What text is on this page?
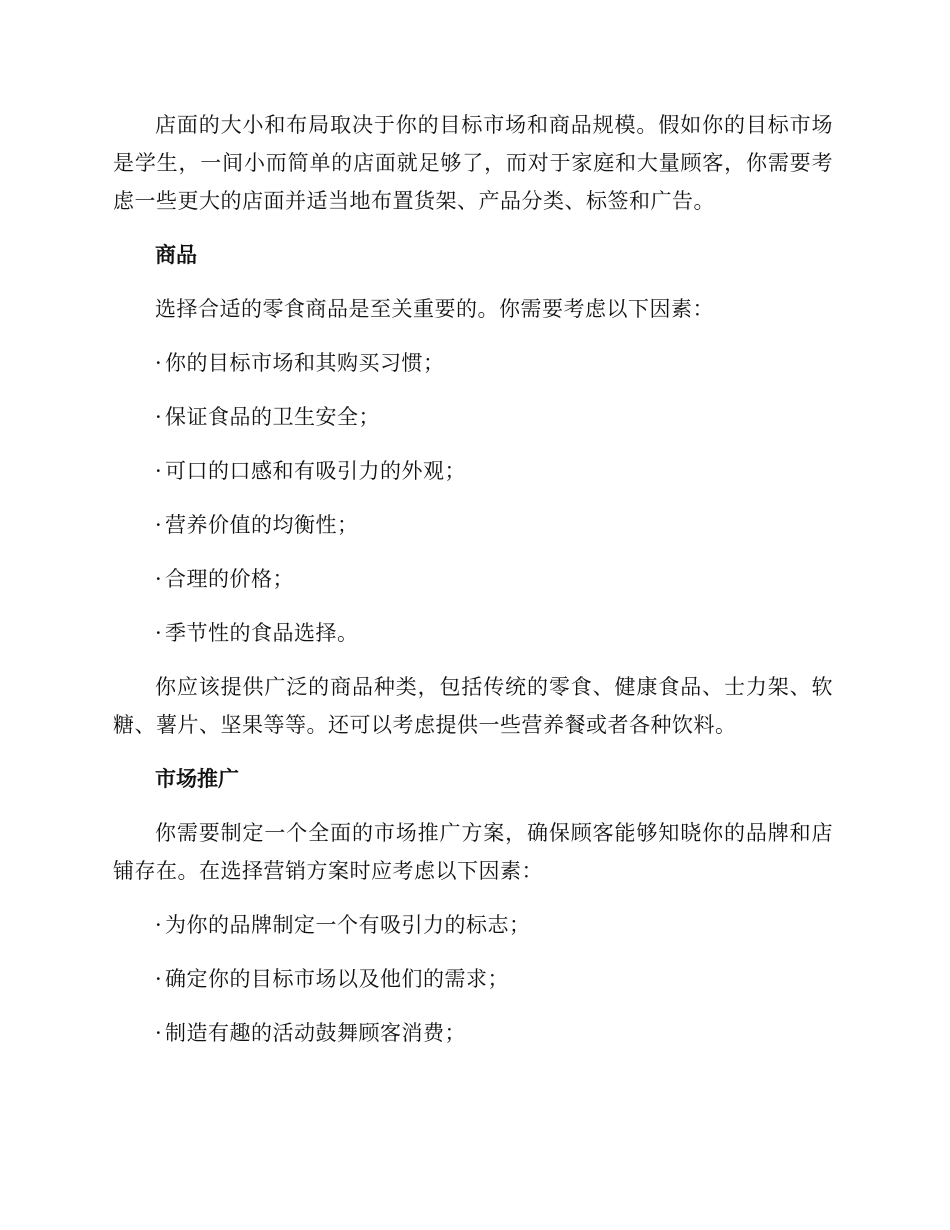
店面的大小和布局取决于你的目标市场和商品规模。假如你的目标市场是学生，一间小而简单的店面就足够了，而对于家庭和大量顾客，你需要考虑一些更大的店面并适当地布置货架、产品分类、标签和广告。

商品

选择合适的零食商品是至关重要的。你需要考虑以下因素：

· 你的目标市场和其购买习惯；

· 保证食品的卫生安全；

· 可口的口感和有吸引力的外观；

· 营养价值的均衡性；

· 合理的价格；

· 季节性的食品选择。

你应该提供广泛的商品种类，包括传统的零食、健康食品、士力架、软糖、薯片、坚果等等。还可以考虑提供一些营养餐或者各种饮料。

市场推广

你需要制定一个全面的市场推广方案，确保顾客能够知晓你的品牌和店铺存在。在选择营销方案时应考虑以下因素：

· 为你的品牌制定一个有吸引力的标志；

· 确定你的目标市场以及他们的需求；

· 制造有趣的活动鼓舞顾客消费；
